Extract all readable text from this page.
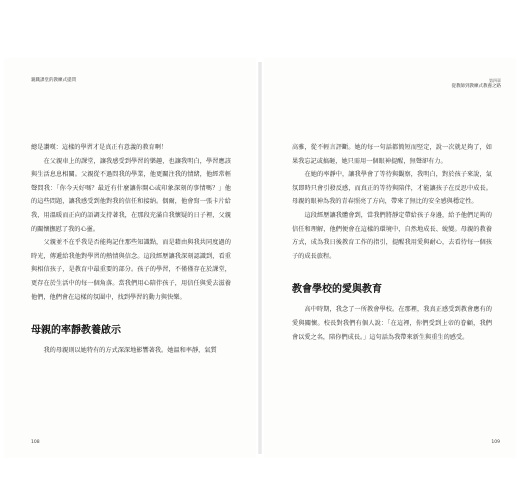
親職課堂的教練式提問

總是讚嘆：這樣的學習才是真正有意義的教育啊！

在父親車上的課堂，讓我感受到學習的樂趣，也讓我明白，學習應該與生活息息相關。父親從不過問我的學業，他更關注我的情緒，他經常輕聲問我：「你今天好嗎？最近有什麼讓你開心或印象深刻的事情嗎？」他的這些問題，讓我感受到他對我的信任和接納。偶爾，他會寫一張卡片給我，用溫暖而正向的語調支持著我，在那段充滿自我懷疑的日子裡，父親的關懷撫慰了我的心靈。

父親並不在乎我是否能夠記住那些知識點，而是藉由與我共同度過的時光，傳遞給我他對學習的熱情與信念。這段經歷讓我深刻認識到，看重與相信孩子，是教育中最重要的部分。孩子的學習，不僅僅存在於課堂，更存在於生活中的每一個角落。當我們用心陪伴孩子，用信任與愛去滋養他們，他們會在這樣的氛圍中，找到學習的動力與快樂。

母親的率靜教養啟示

我的母親則以她特有的方式深深地影響著我。她溫和率靜，氣質

108
第四章
從教師到教練式教養之路

高雅，從不輕言評斷。她的每一句話都簡短而堅定，說一次就足夠了，如果我忘記或搞砸，她只需用一個眼神提醒，無聲卻有力。

在她的率靜中，讓我學會了等待與觀察，我明白，對於孩子來說，氣氛即時只會引發反感，而真正的等待與陪伴，才能讓孩子在反思中成長。母親的眼神為我的青春照亮了方向，帶來了無比的安全感與穩定性。

這段經歷讓我體會到，當我們將靜定帶給孩子身邊，給予他們足夠的信任和理解，他們便會在這樣的環境中，自然地成長、蛻變。母親的教養方式，成為我日後教育工作的指引，提醒我用愛與耐心，去看待每一個孩子的成長旅程。

教會學校的愛與教育

高中時期，我念了一所教會學校。在那裡，我真正感受到教會應有的愛與關懷。校長對我們有個人說：「在這裡，你們受到上帝的眷顧，我們會以愛之名，陪你們成長。」這句話為我帶來新生與重生的感受。

109
